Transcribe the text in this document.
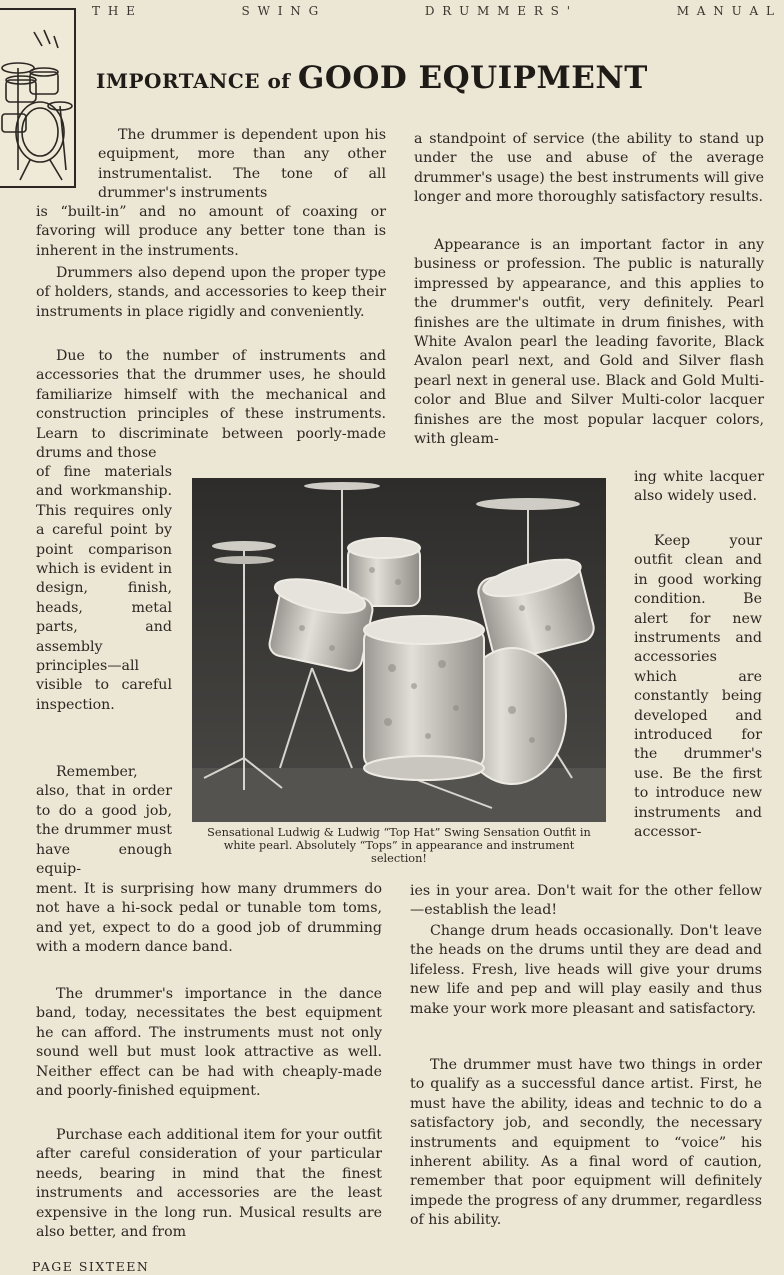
T H E	S W I N G	D R U M M E R S '	M A N U A L
IMPORTANCE of GOOD EQUIPMENT

The drummer is dependent upon his equipment, more than any other instrumentalist. The tone of all drummer's instruments

is “built-in” and no amount of coaxing or favoring will produce any better tone than is inherent in the instruments.

Drummers also depend upon the proper type of holders, stands, and accessories to keep their instruments in place rigidly and conveniently.

Due to the number of instruments and accessories that the drummer uses, he should familiarize himself with the mechanical and construction principles of these instruments. Learn to discriminate between poorly-made drums and those

of fine materials and workmanship. This requires only a careful point by point comparison which is evident in design, finish, heads, metal parts, and assembly principles—all visible to careful inspection.

Remember, also, that in order to do a good job, the drummer must have enough equip-

ment. It is surprising how many drummers do not have a hi-sock pedal or tunable tom toms, and yet, expect to do a good job of drumming with a modern dance band.

The drummer's importance in the dance band, today, necessitates the best equipment he can afford. The instruments must not only sound well but must look attractive as well. Neither effect can be had with cheaply-made and poorly-finished equipment.

Purchase each additional item for your outfit after careful consideration of your particular needs, bearing in mind that the finest instruments and accessories are the least expensive in the long run. Musical results are also better, and from

a standpoint of service (the ability to stand up under the use and abuse of the average drummer's usage) the best instruments will give longer and more thoroughly satisfactory results.

Appearance is an important factor in any business or profession. The public is naturally impressed by appearance, and this applies to the drummer's outfit, very definitely. Pearl finishes are the ultimate in drum finishes, with White Avalon pearl the leading favorite, Black Avalon pearl next, and Gold and Silver flash pearl next in general use. Black and Gold Multi-color and Blue and Silver Multi-color lacquer finishes are the most popular lacquer colors, with gleam-

ing white lacquer also widely used.

Keep your outfit clean and in good working condition. Be alert for new instruments and accessories which are constantly being developed and introduced for the drummer's use. Be the first to introduce new instruments and accessor-

ies in your area. Don't wait for the other fellow—establish the lead!

Change drum heads occasionally. Don't leave the heads on the drums until they are dead and lifeless. Fresh, live heads will give your drums new life and pep and will play easily and thus make your work more pleasant and satisfactory.

The drummer must have two things in order to qualify as a successful dance artist. First, he must have the ability, ideas and technic to do a satisfactory job, and secondly, the necessary instruments and equipment to “voice” his inherent ability. As a final word of caution, remember that poor equipment will definitely impede the progress of any drummer, regardless of his ability.

Sensational Ludwig & Ludwig “Top Hat” Swing Sensation Outfit in white pearl. Absolutely “Tops” in appearance and instrument selection!

PAGE SIXTEEN
